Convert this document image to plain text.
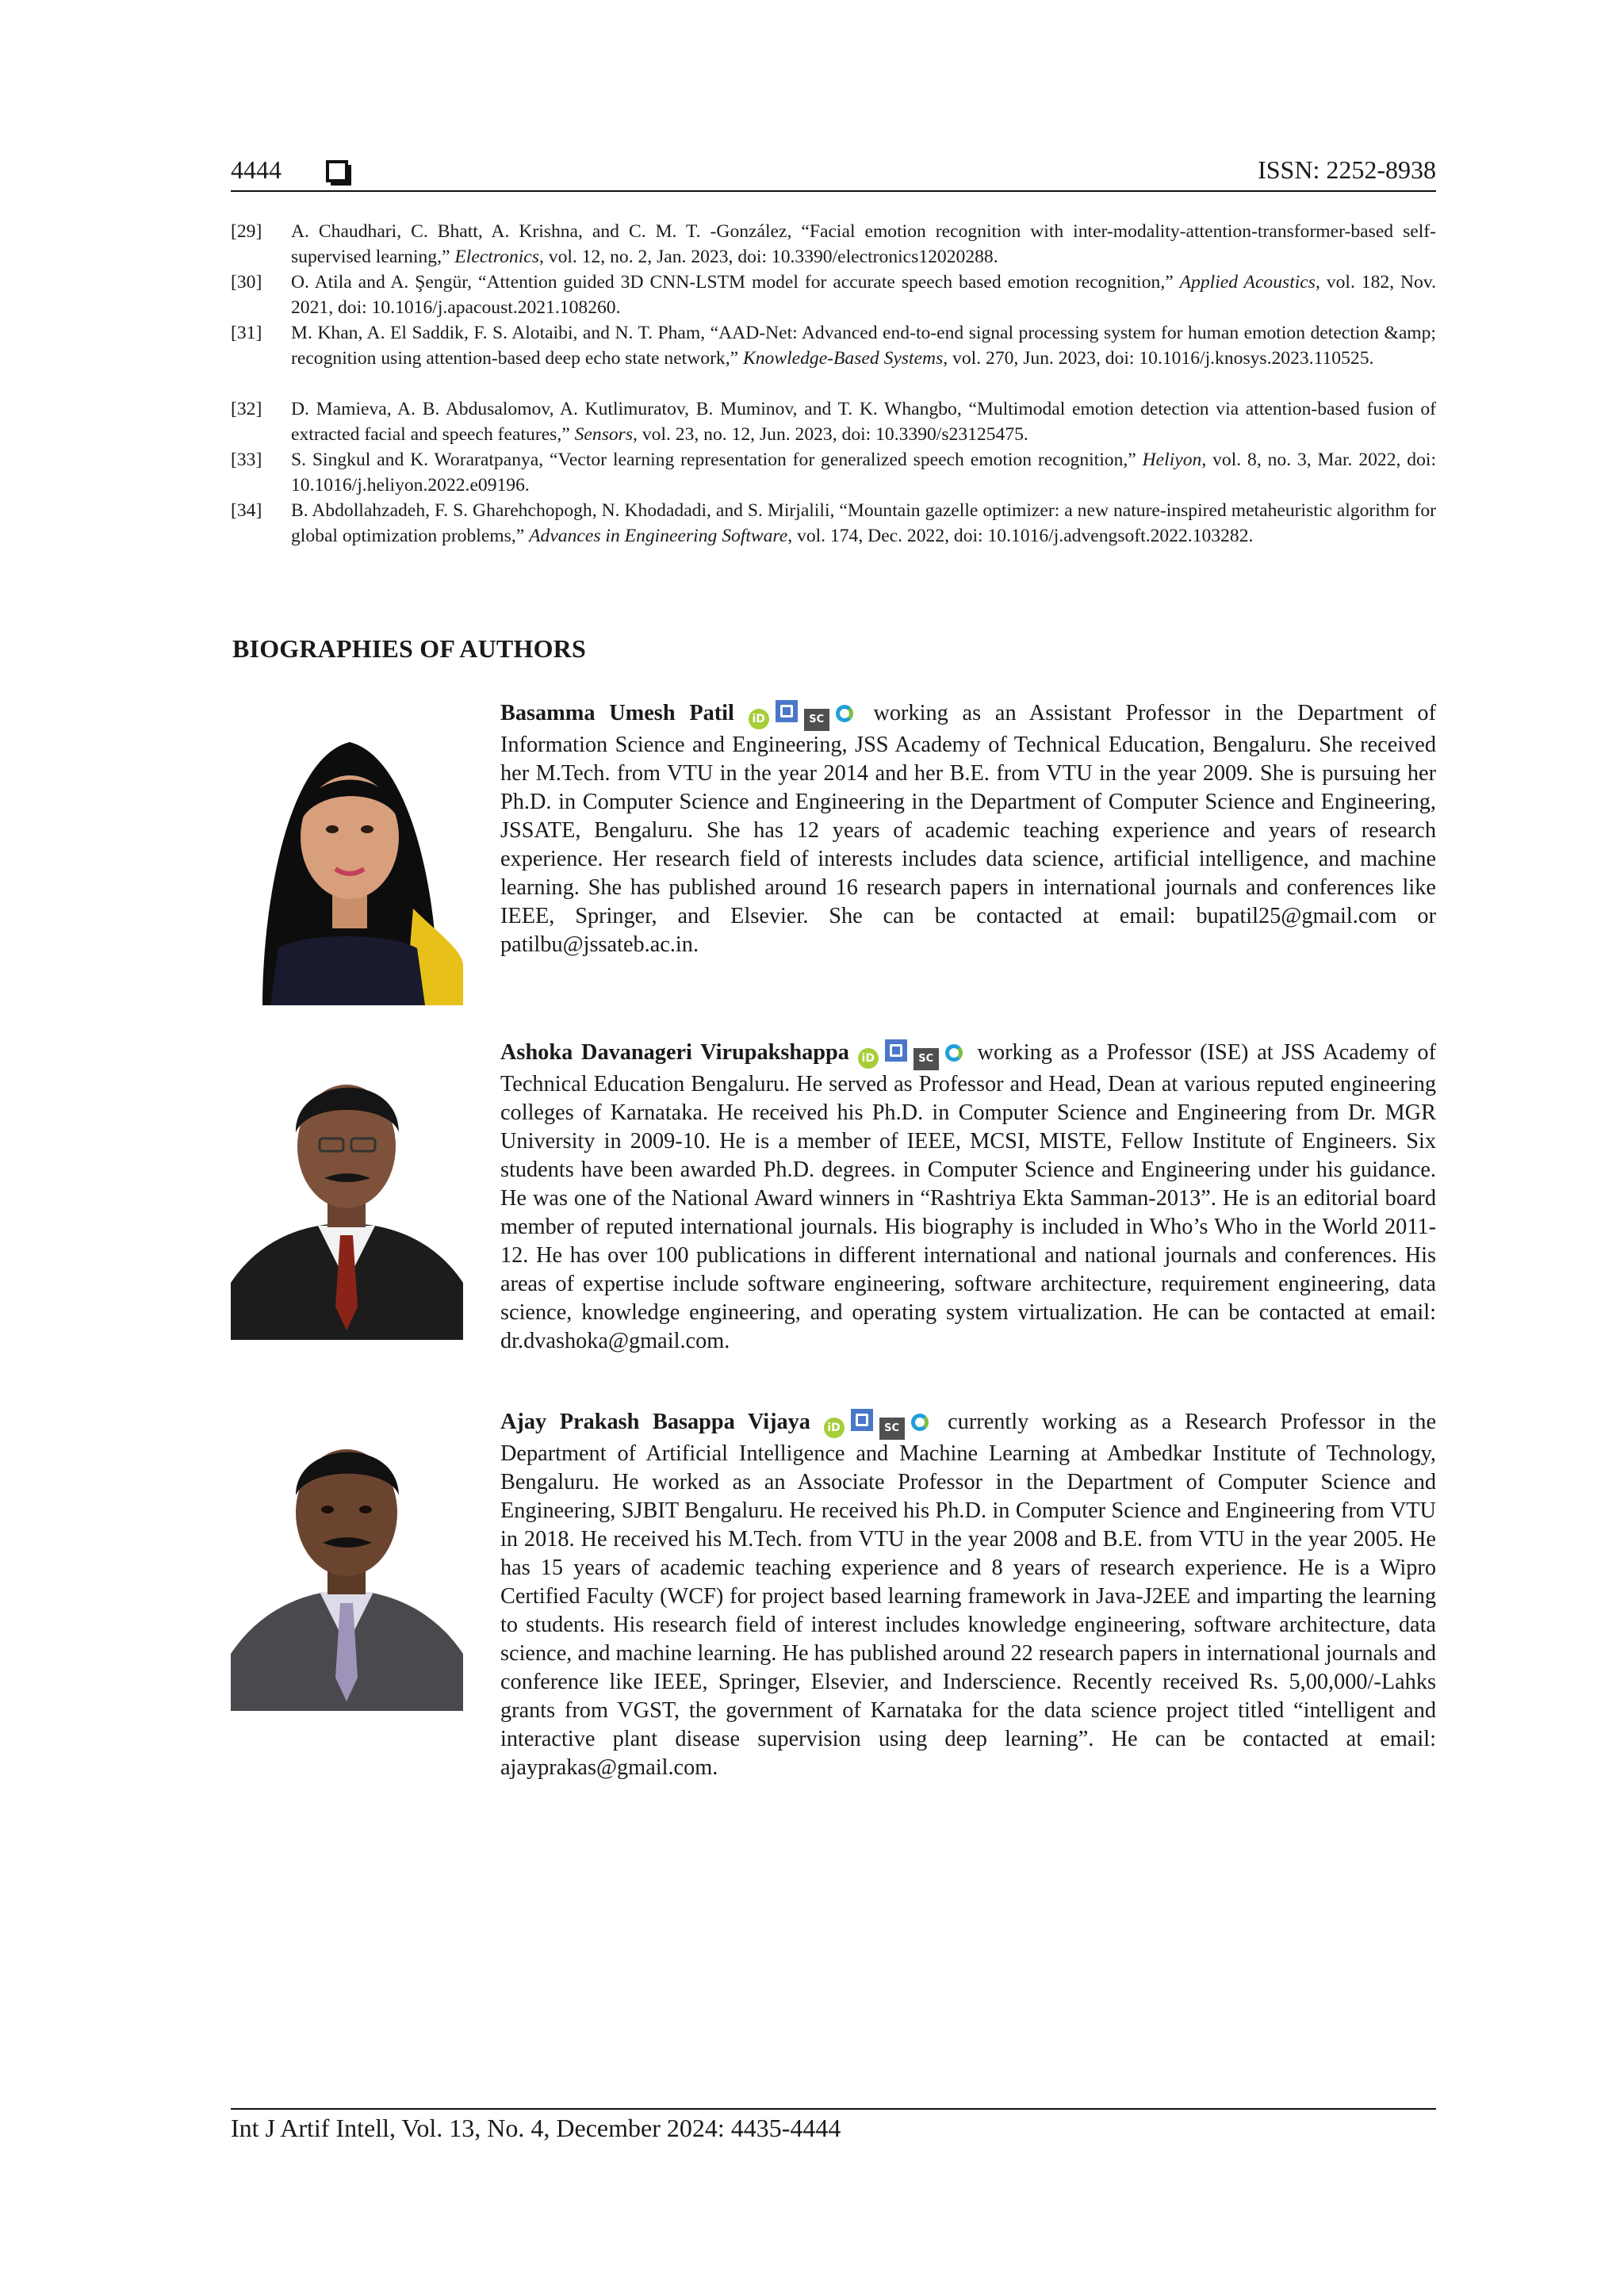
4444	ISSN: 2252-8938
[29] A. Chaudhari, C. Bhatt, A. Krishna, and C. M. T. -González, “Facial emotion recognition with inter-modality-attention-transformer-based self-supervised learning,” Electronics, vol. 12, no. 2, Jan. 2023, doi: 10.3390/electronics12020288.

[30] O. Atila and A. Şengür, “Attention guided 3D CNN-LSTM model for accurate speech based emotion recognition,” Applied Acoustics, vol. 182, Nov. 2021, doi: 10.1016/j.apacoust.2021.108260.

[31] M. Khan, A. El Saddik, F. S. Alotaibi, and N. T. Pham, “AAD-Net: Advanced end-to-end signal processing system for human emotion detection &amp; recognition using attention-based deep echo state network,” Knowledge-Based Systems, vol. 270, Jun. 2023, doi: 10.1016/j.knosys.2023.110525.

[32] D. Mamieva, A. B. Abdusalomov, A. Kutlimuratov, B. Muminov, and T. K. Whangbo, “Multimodal emotion detection via attention-based fusion of extracted facial and speech features,” Sensors, vol. 23, no. 12, Jun. 2023, doi: 10.3390/s23125475.

[33] S. Singkul and K. Woraratpanya, “Vector learning representation for generalized speech emotion recognition,” Heliyon, vol. 8, no. 3, Mar. 2022, doi: 10.1016/j.heliyon.2022.e09196.

[34] B. Abdollahzadeh, F. S. Gharehchopogh, N. Khodadadi, and S. Mirjalili, “Mountain gazelle optimizer: a new nature-inspired metaheuristic algorithm for global optimization problems,” Advances in Engineering Software, vol. 174, Dec. 2022, doi: 10.1016/j.advengsoft.2022.103282.

BIOGRAPHIES OF AUTHORS

Basamma Umesh Patil iD	SC working as an Assistant Professor in the Department of Information Science and Engineering, JSS Academy of Technical Education, Bengaluru. She received her M.Tech. from VTU in the year 2014 and her B.E. from VTU in the year 2009. She is pursuing her Ph.D. in Computer Science and Engineering in the Department of Computer Science and Engineering, JSSATE, Bengaluru. She has 12 years of academic teaching experience and years of research experience. Her research field of interests includes data science, artificial intelligence, and machine learning. She has published around 16 research papers in international journals and conferences like IEEE, Springer, and Elsevier. She can be contacted at email: bupatil25@gmail.com or patilbu@jssateb.ac.in.

Ashoka Davanageri Virupakshappa iD	SC working as a Professor (ISE) at JSS Academy of Technical Education Bengaluru. He served as Professor and Head, Dean at various reputed engineering colleges of Karnataka. He received his Ph.D. in Computer Science and Engineering from Dr. MGR University in 2009-10. He is a member of IEEE, MCSI, MISTE, Fellow Institute of Engineers. Six students have been awarded Ph.D. degrees. in Computer Science and Engineering under his guidance. He was one of the National Award winners in “Rashtriya Ekta Samman-2013”. He is an editorial board member of reputed international journals. His biography is included in Who’s Who in the World 2011-12. He has over 100 publications in different international and national journals and conferences. His areas of expertise include software engineering, software architecture, requirement engineering, data science, knowledge engineering, and operating system virtualization. He can be contacted at email: dr.dvashoka@gmail.com.

Ajay Prakash Basappa Vijaya iD	SC currently working as a Research Professor in the Department of Artificial Intelligence and Machine Learning at Ambedkar Institute of Technology, Bengaluru. He worked as an Associate Professor in the Department of Computer Science and Engineering, SJBIT Bengaluru. He received his Ph.D. in Computer Science and Engineering from VTU in 2018. He received his M.Tech. from VTU in the year 2008 and B.E. from VTU in the year 2005. He has 15 years of academic teaching experience and 8 years of research experience. He is a Wipro Certified Faculty (WCF) for project based learning framework in Java-J2EE and imparting the learning to students. His research field of interest includes knowledge engineering, software architecture, data science, and machine learning. He has published around 22 research papers in international journals and conference like IEEE, Springer, Elsevier, and Inderscience. Recently received Rs. 5,00,000/-Lahks grants from VGST, the government of Karnataka for the data science project titled “intelligent and interactive plant disease supervision using deep learning”. He can be contacted at email: ajayprakas@gmail.com.

Int J Artif Intell, Vol. 13, No. 4, December 2024: 4435-4444
